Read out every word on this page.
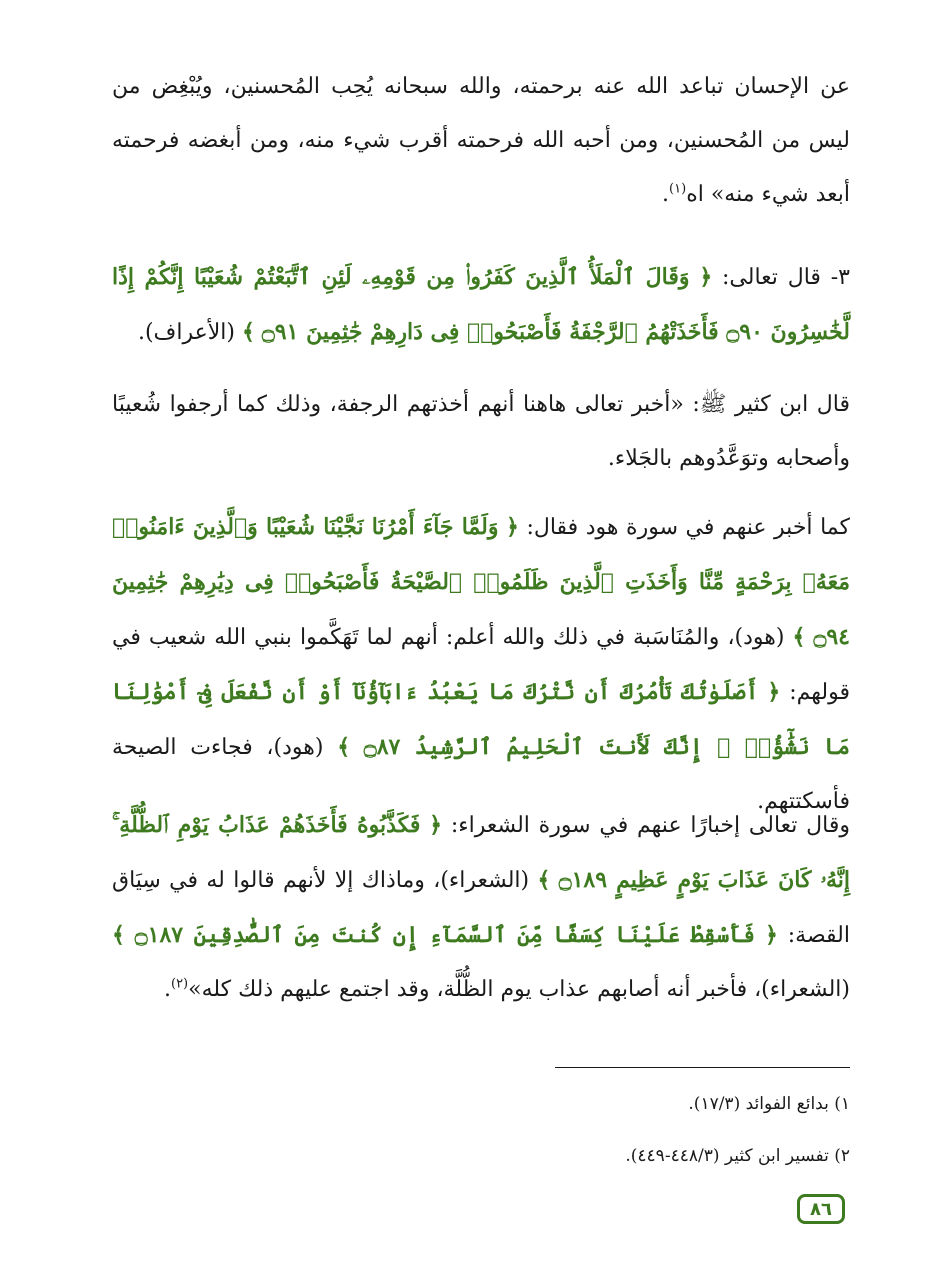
عن الإحسان تباعد الله عنه برحمته، والله سبحانه يُحِب المُحسنين، ويُبْغِض من ليس من المُحسنين، ومن أحبه الله فرحمته أقرب شيء منه، ومن أبغضه فرحمته أبعد شيء منه» اه$^{(١)}$.

٣- قال تعالى: ﴿ وَقَالَ ٱلْمَلَأُ ٱلَّذِينَ كَفَرُوا۟ مِن قَوْمِهِۦ لَئِنِ ٱتَّبَعْتُمْ شُعَيْبًا إِنَّكُمْ إِذًا لَّخَٰسِرُونَ ۝٩٠ فَأَخَذَتْهُمُ ٱلرَّجْفَةُ فَأَصْبَحُوا۟ فِى دَارِهِمْ جَٰثِمِينَ ۝٩١ ﴾ (الأعراف).

قال ابن كثير ﷺ: «أخبر تعالى هاهنا أنهم أخذتهم الرجفة، وذلك كما أرجفوا شُعيبًا وأصحابه وتوَعَّدُوهم بالجَلاء.

كما أخبر عنهم في سورة هود فقال: ﴿ وَلَمَّا جَآءَ أَمْرُنَا نَجَّيْنَا شُعَيْبًا وَٱلَّذِينَ ءَامَنُوا۟ مَعَهُۥ بِرَحْمَةٍ مِّنَّا وَأَخَذَتِ ٱلَّذِينَ ظَلَمُوا۟ ٱلصَّيْحَةُ فَأَصْبَحُوا۟ فِى دِيَٰرِهِمْ جَٰثِمِينَ ۝٩٤ ﴾ (هود)، والمُنَاسَبة في ذلك والله أعلم: أنهم لما تَهَكَّموا بنبي الله شعيب في قولهم: ﴿ أَصَلَوٰتُكَ تَأْمُرُكَ أَن نَّتْرُكَ مَا يَعْبُدُ ءَابَآؤُنَآ أَوْ أَن نَّفْعَلَ فِىٓ أَمْوَٰلِنَا مَا نَشَٰٓؤُا۟ ۖ إِنَّكَ لَأَنتَ ٱلْحَلِيمُ ٱلرَّشِيدُ ۝٨٧ ﴾ (هود)، فجاءت الصيحة فأسكتتهم.

وقال تعالى إخبارًا عنهم في سورة الشعراء: ﴿ فَكَذَّبُوهُ فَأَخَذَهُمْ عَذَابُ يَوْمِ ٱلظُّلَّةِ ۚ إِنَّهُۥ كَانَ عَذَابَ يَوْمٍ عَظِيمٍ ۝١٨٩ ﴾ (الشعراء)، وماذاك إلا لأنهم قالوا له في سِيَاق القصة: ﴿ فَأَسْقِطْ عَلَيْنَا كِسَفًا مِّنَ ٱلسَّمَآءِ إِن كُنتَ مِنَ ٱلصَّٰدِقِينَ ۝١٨٧ ﴾ (الشعراء)، فأخبر أنه أصابهم عذاب يوم الظُّلَّة، وقد اجتمع عليهم ذلك كله»$^{(٢)}$.

١) بدائع الفوائد (١٧/٣).
٢) تفسير ابن كثير (٤٤٨/٣-٤٤٩).
٨٦
